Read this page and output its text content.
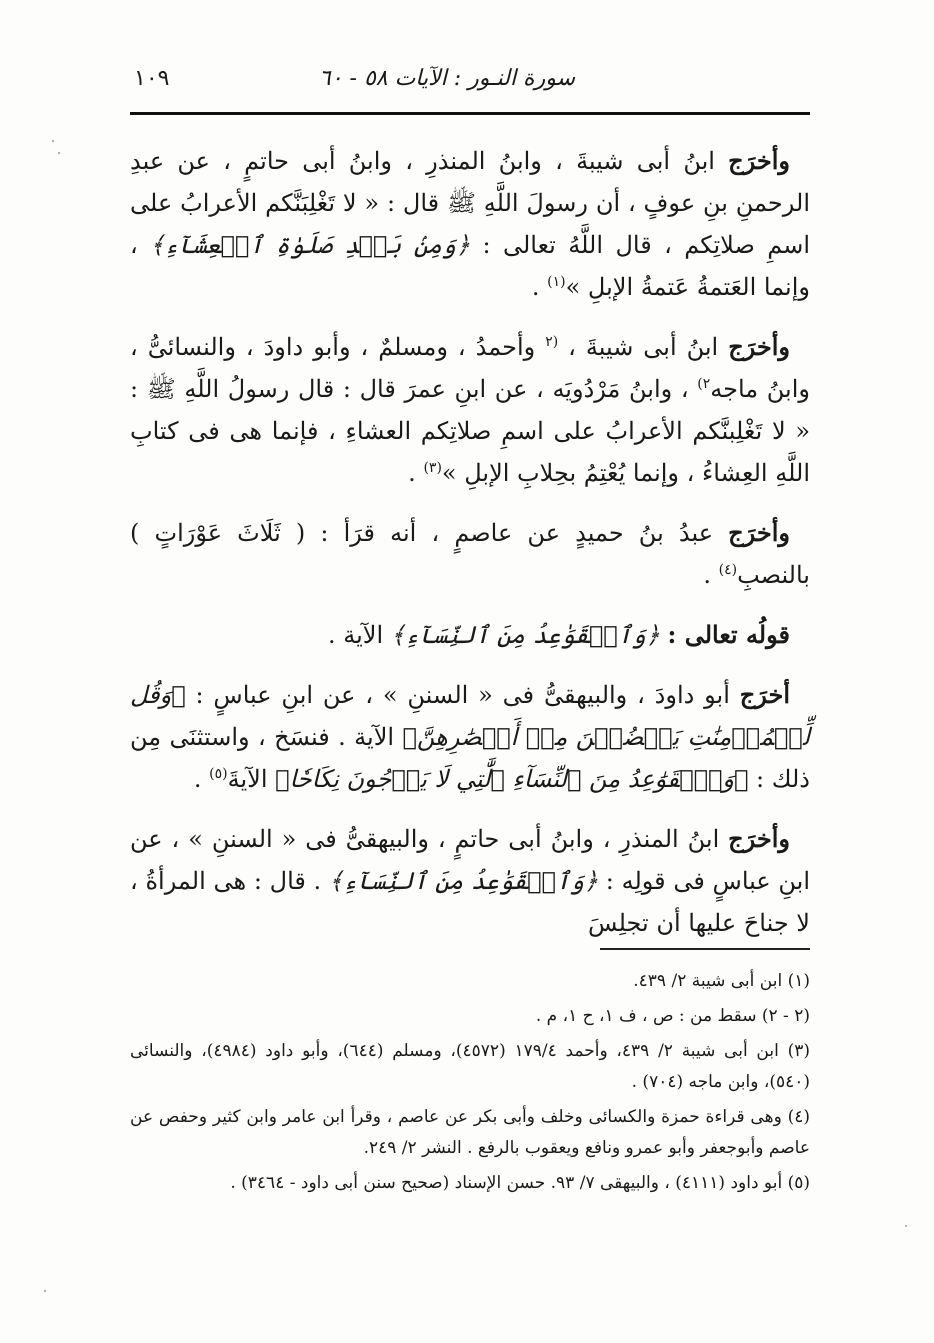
سورة النـور : الآيات ٥٨ - ٦٠
١٠٩

وأخرَج ابنُ أبى شيبةَ ، وابنُ المنذرِ ، وابنُ أبى حاتمٍ ، عن عبدِ الرحمنِ بنِ عوفٍ ، أن رسولَ اللَّهِ ﷺ قال : « لا تَغْلِبَنَّكم الأعرابُ على اسمِ صلاتِكم ، قال اللَّهُ تعالى : ﴿وَمِنۢ بَعۡدِ صَلَوٰةِ ٱلۡعِشَآءِ﴾ ، وإنما العَتمةُ عَتمةُ الإبلِ »$^{(١)}$ .

وأخرَج ابنُ أبى شيبةَ ، $^{(٢}$ وأحمدُ ، ومسلمٌ ، وأبو داودَ ، والنسائىُّ ، وابنُ ماجه$^{٢)}$ ، وابنُ مَرْدُويَه ، عن ابنِ عمرَ قال : قال رسولُ اللَّهِ ﷺ : « لا تَغْلِبنَّكم الأعرابُ على اسمِ صلاتِكم العشاءِ ، فإنما هى فى كتابِ اللَّهِ العِشاءُ ، وإنما يُعْتِمُ بحِلابِ الإبلِ »$^{(٣)}$ .

وأخرَج عبدُ بنُ حميدٍ عن عاصمٍ ، أنه قرَأ : ( ثَلَاثَ عَوْرَاتٍ ) بالنصبِ$^{(٤)}$ .

قولُه تعالى : ﴿وَٱلۡقَوَٰعِدُ مِنَ ٱلنِّسَآءِ﴾ الآية .

أخرَج أبو داودَ ، والبيهقىُّ فى « السننِ » ، عن ابنِ عباسٍ : ﴿وَقُل لِّلۡمُؤۡمِنَٰتِ يَغۡضُضۡنَ مِنۡ أَبۡصَٰرِهِنَّ﴾ الآية . فنسَخ ، واستثنَى مِن ذلك : ﴿وَٱلۡقَوَٰعِدُ مِنَ ٱلنِّسَآءِ ٱلَّٰتِي لَا يَرۡجُونَ نِكَاحٗا﴾ الآيةَ$^{(٥)}$ .

وأخرَج ابنُ المنذرِ ، وابنُ أبى حاتمٍ ، والبيهقىُّ فى « السننِ » ، عن ابنِ عباسٍ فى قولِه : ﴿وَٱلۡقَوَٰعِدُ مِنَ ٱلنِّسَآءِ﴾ . قال : هى المرأةُ ، لا جناحَ عليها أن تجلِسَ

(١) ابن أبى شيبة ٢/ ٤٣٩.

(٢ - ٢) سقط من : ص ، ف ١، ح ١، م .

(٣) ابن أبى شيبة ٢/ ٤٣٩، وأحمد ١٧٩/٤ (٤٥٧٢)، ومسلم (٦٤٤)، وأبو داود (٤٩٨٤)، والنسائى (٥٤٠)، وابن ماجه (٧٠٤) .

(٤) وهى قراءة حمزة والكسائى وخلف وأبى بكر عن عاصم ، وقرأ ابن عامر وابن كثير وحفص عن عاصم وأبوجعفر وأبو عمرو ونافع ويعقوب بالرفع . النشر ٢/ ٢٤٩.

(٥) أبو داود (٤١١١) ، والبيهقى ٧/ ٩٣. حسن الإسناد (صحيح سنن أبى داود - ٣٤٦٤) .
